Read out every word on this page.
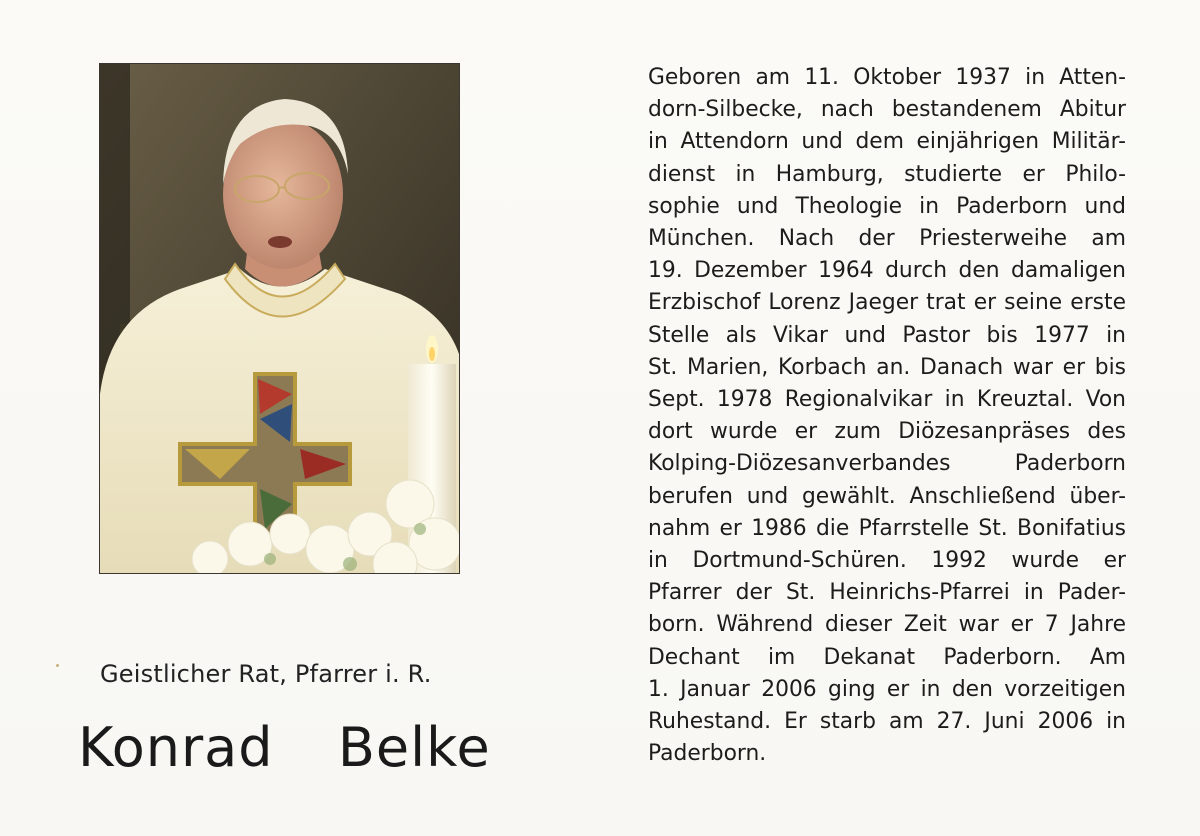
Geistlicher Rat, Pfarrer i. R.
Konrad  Belke
Geboren am 11. Oktober 1937 in Atten-
dorn-Silbecke, nach bestandenem Abitur
in Attendorn und dem einjährigen Militär-
dienst in Hamburg, studierte er Philo-
sophie und Theologie in Paderborn und
München. Nach der Priesterweihe am
19. Dezember 1964 durch den damaligen
Erzbischof Lorenz Jaeger trat er seine erste
Stelle als Vikar und Pastor bis 1977 in
St. Marien, Korbach an. Danach war er bis
Sept. 1978 Regionalvikar in Kreuztal. Von
dort wurde er zum Diözesanpräses des
Kolping-Diözesanverbandes Paderborn
berufen und gewählt. Anschließend über-
nahm er 1986 die Pfarrstelle St. Bonifatius
in Dortmund-Schüren. 1992 wurde er
Pfarrer der St. Heinrichs-Pfarrei in Pader-
born. Während dieser Zeit war er 7 Jahre
Dechant im Dekanat Paderborn. Am
1. Januar 2006 ging er in den vorzeitigen
Ruhestand. Er starb am 27. Juni 2006 in
Paderborn.
